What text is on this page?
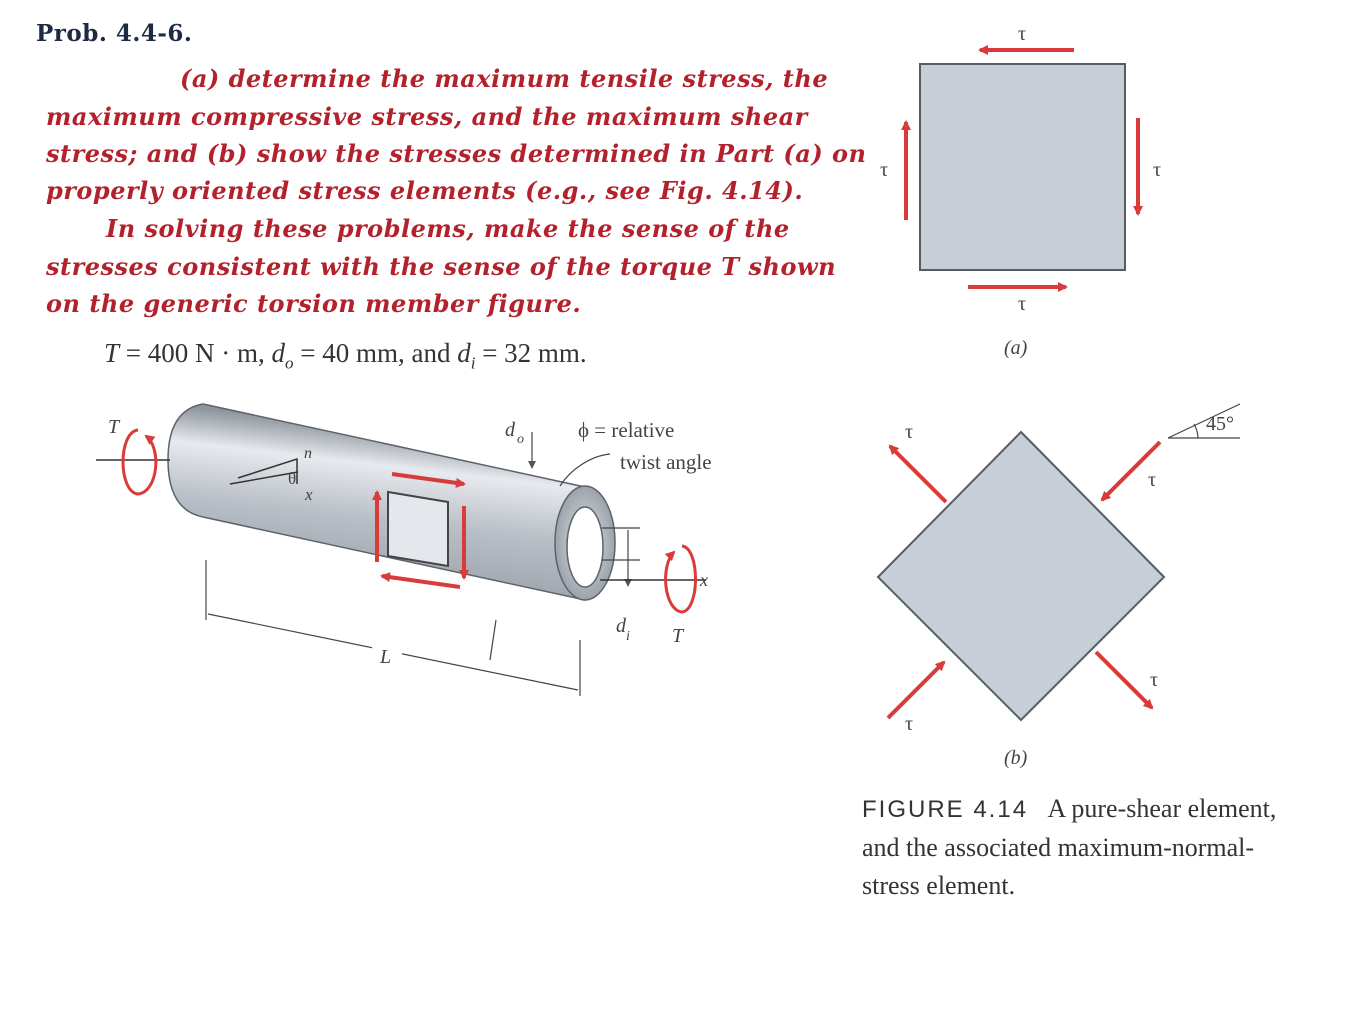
Prob. 4.4-6.
(a) determine the maximum tensile stress, the
maximum compressive stress, and the maximum shear
stress; and (b) show the stresses determined in Part (a) on
properly oriented stress elements (e.g., see Fig. 4.14).
In solving these problems, make the sense of the
stresses consistent with the sense of the torque T shown
on the generic torsion member figure.
T = 400 N · m, $d_o = 40$ mm, and $d_i = 32$ mm.
n
θ
x
T	d o	ϕ = relative
twist angle
d i
x
T
L
τ
τ
τ	τ
(a)
45°
τ
τ
τ
τ
(b)
FIGURE 4.14 A pure-shear element, and the associated maximum-normal-stress element.
